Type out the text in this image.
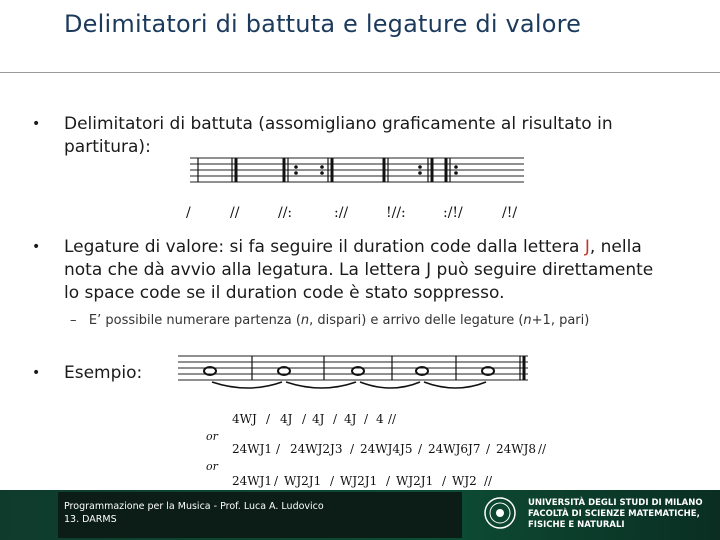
Delimitatori di battuta e legature di valore
• Delimitatori di battuta (assomigliano graficamente al risultato in
partitura):
/	//	//:	://	!//:	:/!/	/!/
• Legature di valore: si fa seguire il duration code dalla lettera J, nella
nota che dà avvio alla legatura. La lettera J può seguire direttamente
lo space code se il duration code è stato soppresso.
– E’ possibile numerare partenza (n, dispari) e arrivo delle legature (n+1, pari)
• Esempio:
4WJ / 4J / 4J / 4J / 4 //
or
24WJ1 / 24WJ2J3 / 24WJ4J5 / 24WJ6J7 / 24WJ8 //
or
24WJ1 / WJ2J1 / WJ2J1 / WJ2J1 / WJ2 //
Programmazione per la Musica - Prof. Luca A. Ludovico
13. DARMS
UNIVERSITÀ DEGLI STUDI DI MILANO
FACOLTÀ DI SCIENZE MATEMATICHE,
FISICHE E NATURALI
